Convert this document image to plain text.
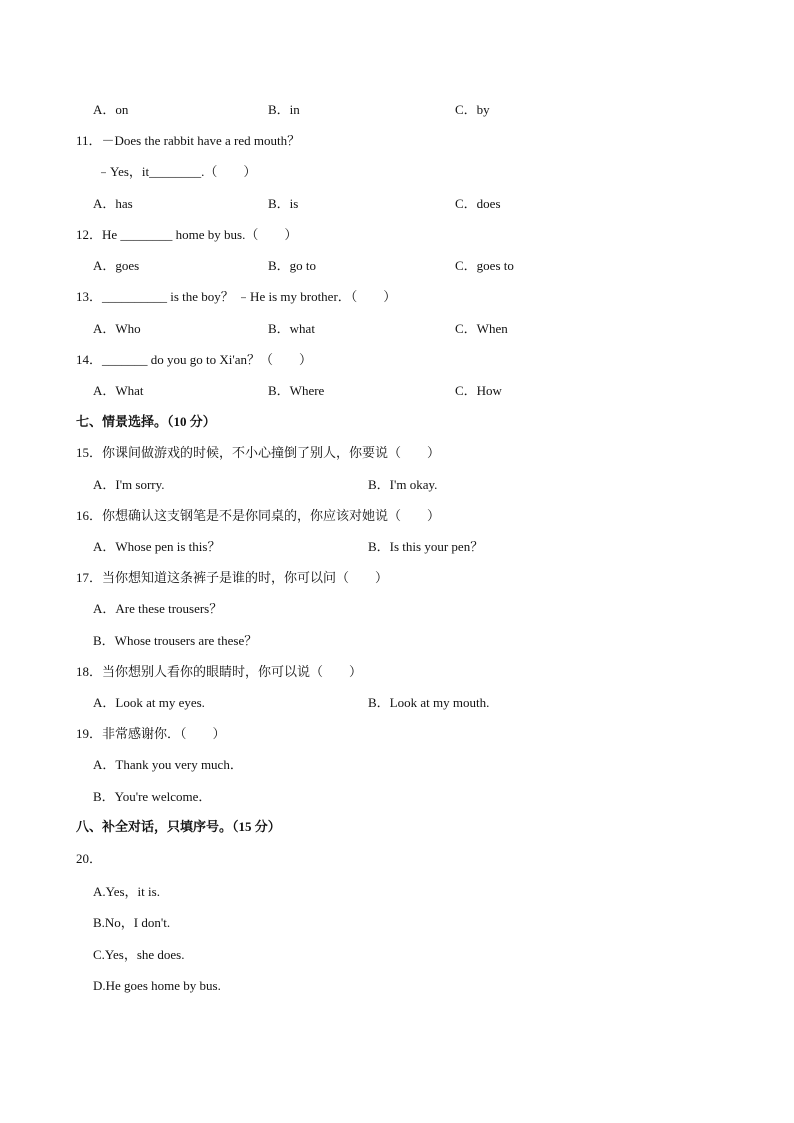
A．on	B．in	C．by
11．－Does the rabbit have a red mouth？
﹣Yes，it________.（　　）
A．has	B．is	C．does
12．He ________ home by bus.（　　）
A．goes	B．go to	C．goes to
13．__________ is the boy？ ﹣He is my brother．（　　）
A．Who	B．what	C．When
14．_______ do you go to Xi'an？（　　）
A．What	B．Where	C．How
七、情景选择。（10 分）
15．你课间做游戏的时候，不小心撞倒了别人，你要说（　　）
A．I'm sorry.	B．I'm okay.
16．你想确认这支钢笔是不是你同桌的，你应该对她说（　　）
A．Whose pen is this？	B．Is this your pen？
17．当你想知道这条裤子是谁的时，你可以问（　　）
A．Are these trousers？
B．Whose trousers are these？
18．当你想别人看你的眼睛时，你可以说（　　）
A．Look at my eyes.	B．Look at my mouth.
19．非常感谢你．（　　）
A．Thank you very much．
B．You're welcome．
八、补全对话，只填序号。（15 分）
20．
A.Yes，it is.
B.No，I don't.
C.Yes，she does.
D.He goes home by bus.
